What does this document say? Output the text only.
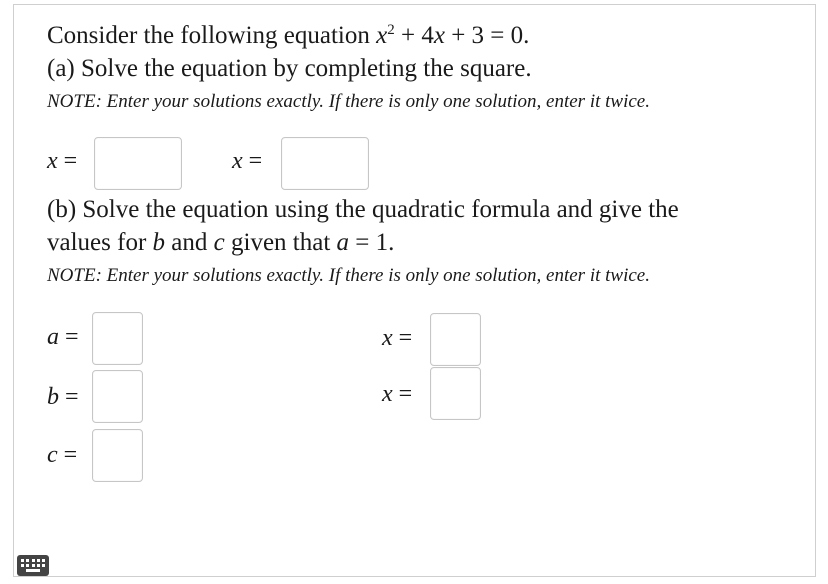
Consider the following equation $x^2 + 4x + 3 = 0$.
(a) Solve the equation by completing the square.
NOTE: Enter your solutions exactly. If there is only one solution, enter it twice.
x =	x =
(b) Solve the equation using the quadratic formula and give the
values for b and c given that a = 1.
NOTE: Enter your solutions exactly. If there is only one solution, enter it twice.
a =
b =
c =
x =
x =
